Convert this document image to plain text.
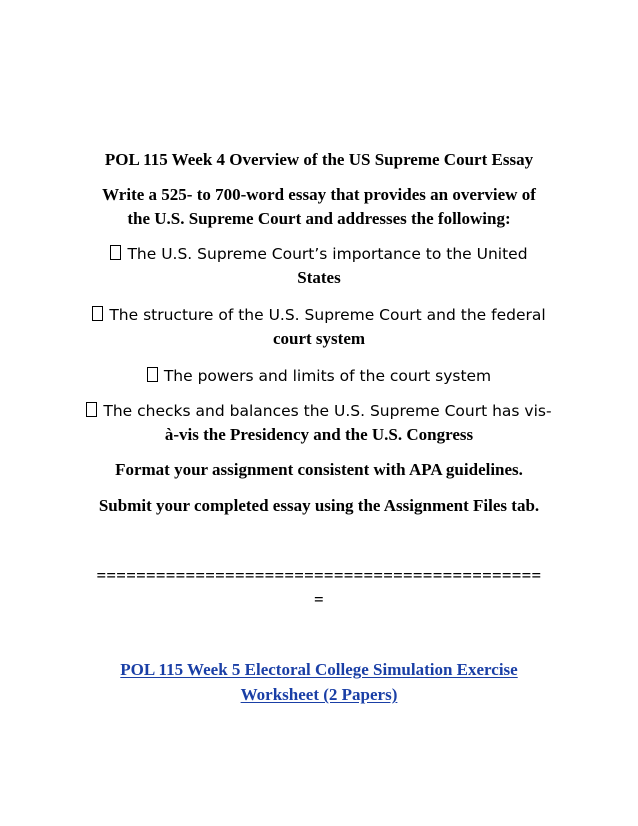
POL 115 Week 4 Overview of the US Supreme Court Essay
Write a 525- to 700-word essay that provides an overview of
the U.S. Supreme Court and addresses the following:
The U.S. Supreme Court’s importance to the United
States
The structure of the U.S. Supreme Court and the federal
court system
The powers and limits of the court system
The checks and balances the U.S. Supreme Court has vis-
à-vis the Presidency and the U.S. Congress
Format your assignment consistent with APA guidelines.
Submit your completed essay using the Assignment Files tab.
=============================================
=
POL 115 Week 5 Electoral College Simulation Exercise
Worksheet (2 Papers)
